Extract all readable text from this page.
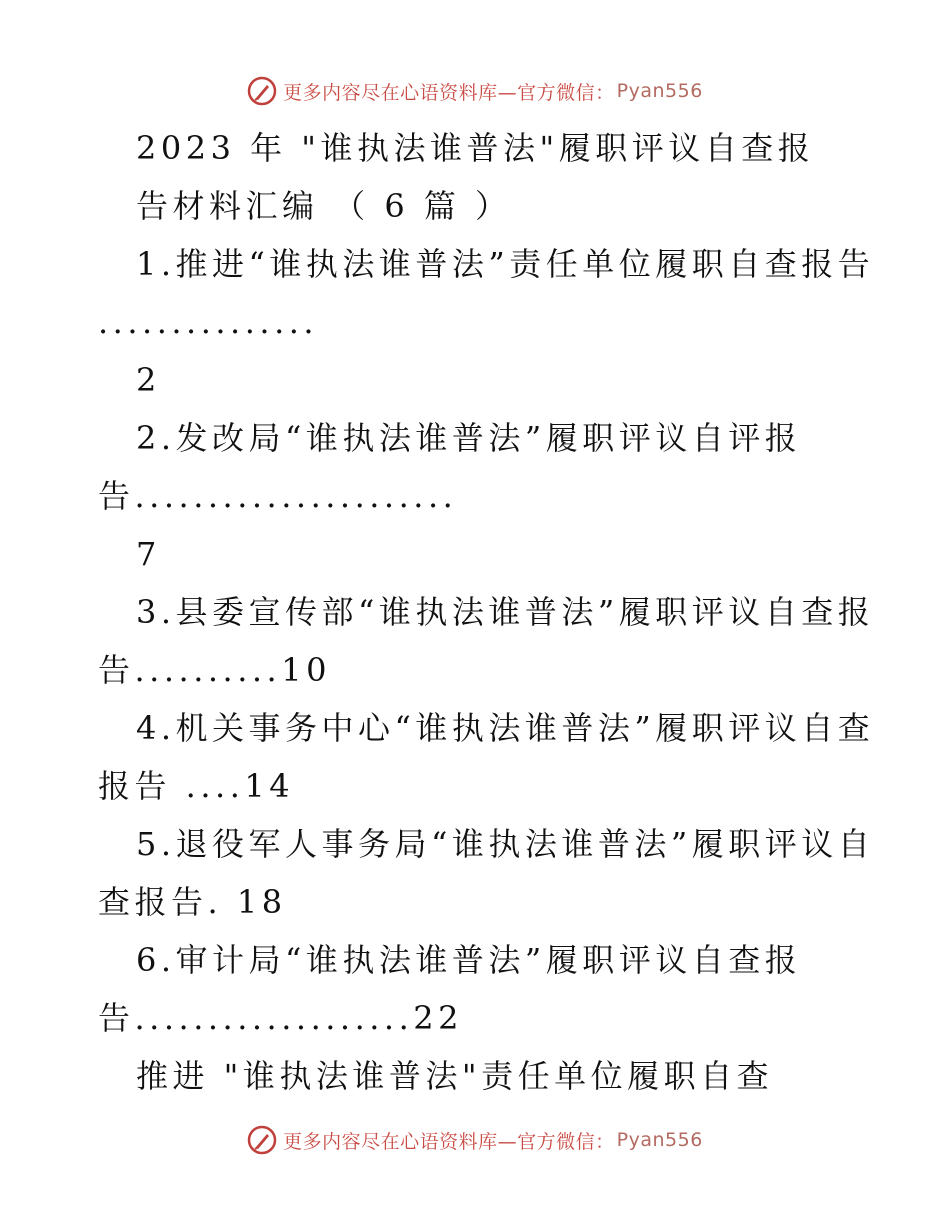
更多内容尽在心语资料库—官方微信： Pyan556
2023 年 "谁执法谁普法"履职评议自查报
告材料汇编 （ 6 篇 ）
1.推进“谁执法谁普法”责任单位履职自查报告
...............
2
2.发改局“谁执法谁普法”履职评议自评报
告......................
7
3.县委宣传部“谁执法谁普法”履职评议自查报
告..........10
4.机关事务中心“谁执法谁普法”履职评议自查
报告 ....14
5.退役军人事务局“谁执法谁普法”履职评议自
查报告. 18
6.审计局“谁执法谁普法”履职评议自查报
告...................22
推进 "谁执法谁普法"责任单位履职自查
更多内容尽在心语资料库—官方微信： Pyan556
